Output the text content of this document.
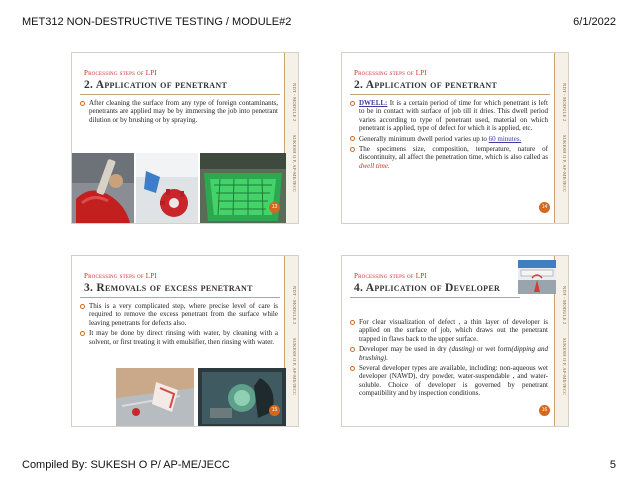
MET312 NON-DESTRUCTIVE TESTING / MODULE#2	6/1/2022
Compiled By: SUKESH O P/ AP-ME/JECC	5
NDT - MODULE 2
SUKESH O P, AP-ME/JECC
Processing steps of LPI
2. Application of penetrant
After cleaning the surface from any type of foreign contaminants, penetrants are applied may be by immersing the job into penetrant dilution or by brushing or by spraying.
13
NDT - MODULE 2
SUKESH O P, AP-ME/JECC
Processing steps of LPI
2. Application of penetrant
DWELL: It is a certain period of time for which penetrant is left to be in contact with surface of job till it dries. This dwell period varies according to type of penetrant used, material on which penetrant is applied, type of defect for which it is applied, etc.
Generally minimum dwell period varies up to 60 minutes.
The specimens size, composition, temperature, nature of discontinuity, all affect the penetration time, which is also called as dwell time.
14
NDT - MODULE 2
SUKESH O P, AP-ME/JECC
Processing steps of LPI
3. Removals of excess penetrant
This is a very complicated step, where precise level of care is required to remove the excess penetrant from the surface while leaving penetrants for defects also.
It may be done by direct rinsing with water, by cleaning with a solvent, or first treating it with emulsifier, then rinsing with water.
15
NDT - MODULE 2
SUKESH O P, AP-ME/JECC
Processing steps of LPI
4. Application of Developer
For clear visualization of defect , a thin layer of developer is applied on the surface of job, which draws out the penetrant trapped in flaws back to the upper surface.
Developer may be used in dry (dusting) or wet form(dipping and brushing).
Several developer types are available, including: non-aqueous wet developer (NAWD), dry powder, water-suspendable , and water-soluble. Choice of developer is governed by penetrant compatibility and by inspection conditions.
16
